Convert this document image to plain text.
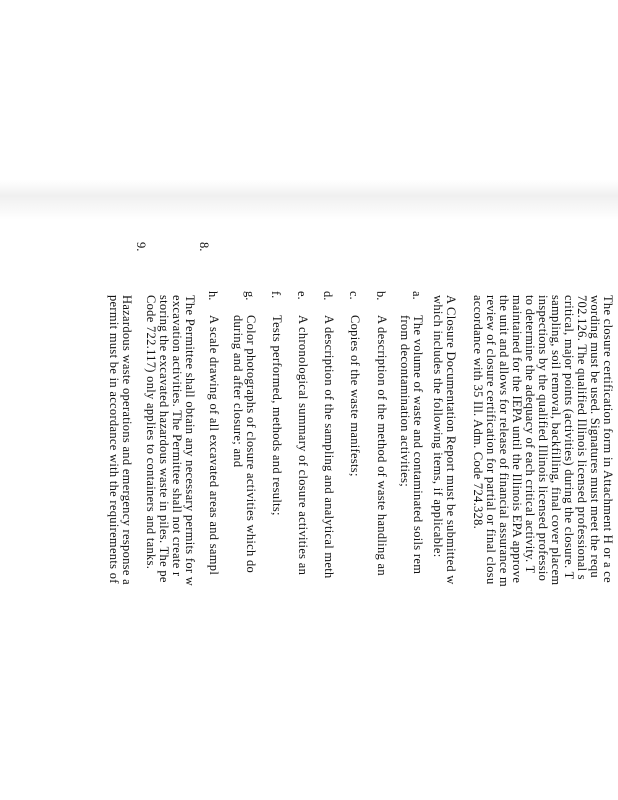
The closure certification form in Attachment H or a ce
wording must be used. Signatures must meet the requ
702.126. The qualified Illinois licensed professional s
critical, major points (activities) during the closure. T
sampling, soil removal, backfilling, final cover placem
inspections by the qualified Illinois licensed professio
to determine the adequacy of each critical activity. T
maintained for the IEPA until the Illinois EPA approve
the unit and allows for release of financial assurance m
review of closure certification for partial or final closu
accordance with 35 Ill. Adm. Code 724.328.
A Closure Documentation Report must be submitted w
which includes the following items, if applicable:
a.
The volume of waste and contaminated soils rem
from decontamination activities;
b.
A description of the method of waste handling an
c.
Copies of the waste manifests;
d.
A description of the sampling and analytical meth
e.
A chronological summary of closure activities an
f.
Tests performed, methods and results;
g.
Color photographs of closure activities which do
during and after closure; and
h.
A scale drawing of all excavated areas and sampl
8.
The Permittee shall obtain any necessary permits for w
excavation activities. The Permittee shall not create r
storing the excavated hazardous waste in piles. The pe
Code 722.117) only applies to containers and tanks.
9.
Hazardous waste operations and emergency response a
permit must be in accordance with the requirements of
